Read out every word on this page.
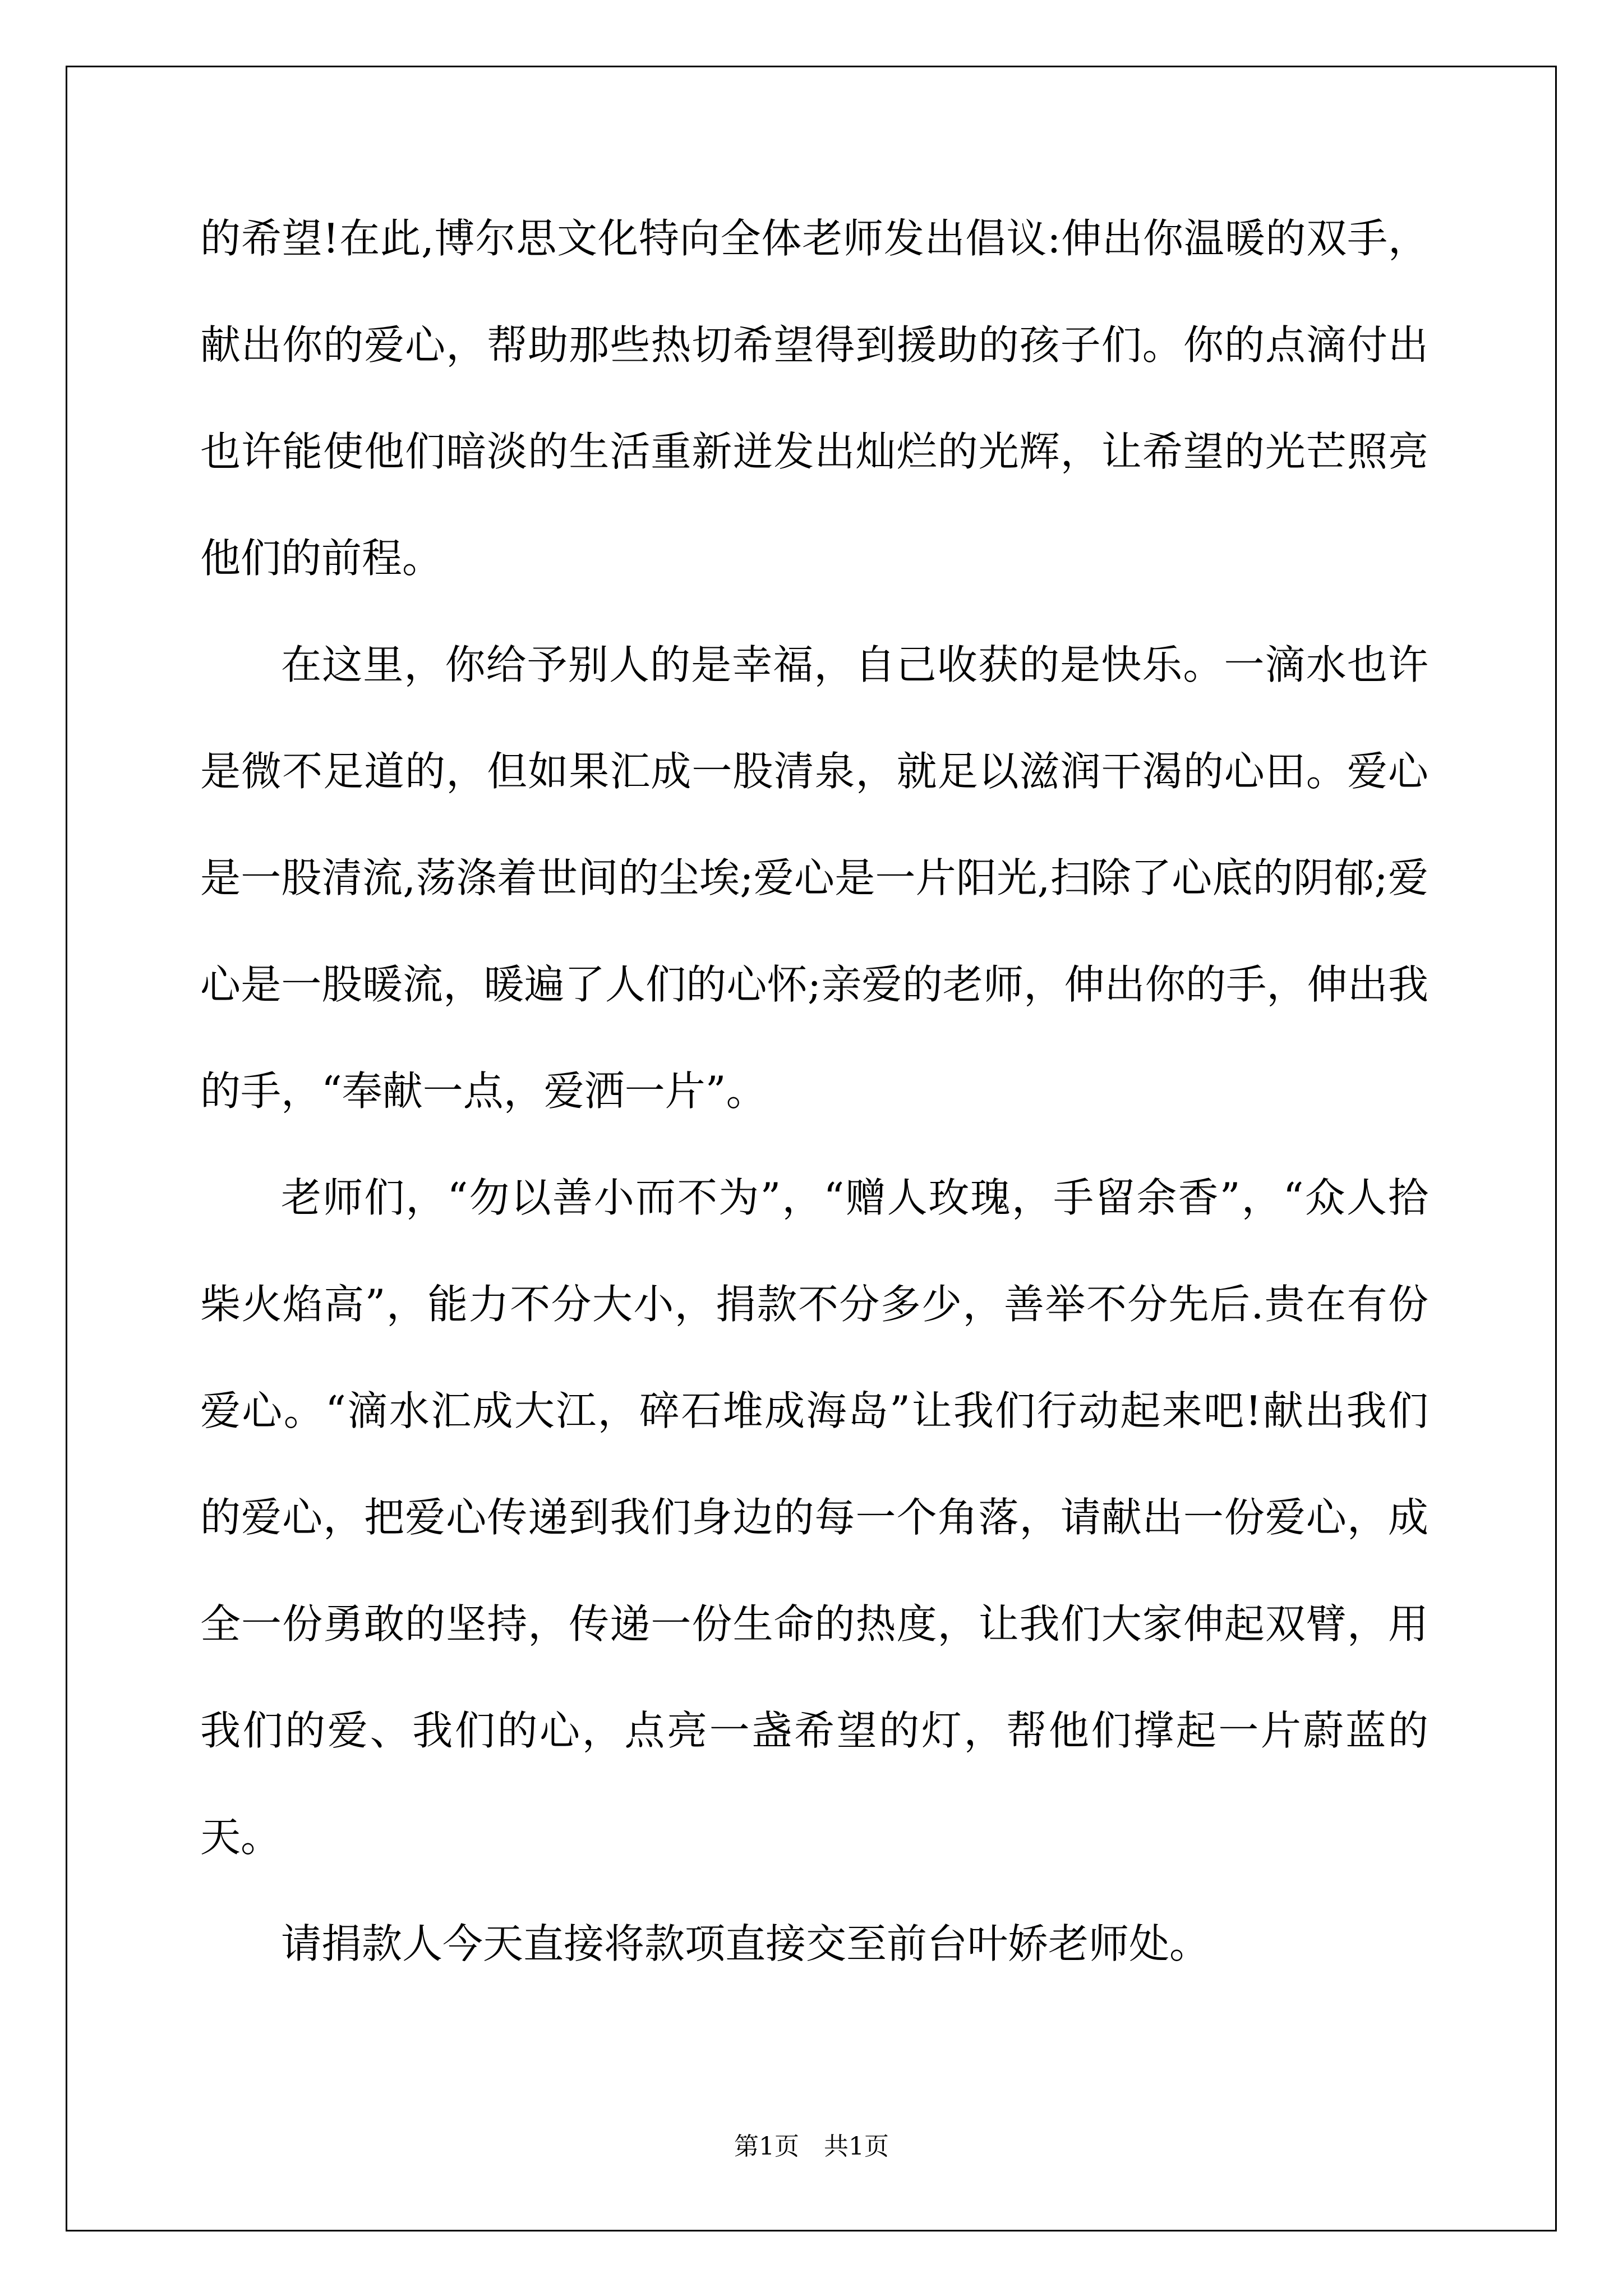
的希望!在此,博尔思文化特向全体老师发出倡议:伸出你温暖的双手，献出你的爱心，帮助那些热切希望得到援助的孩子们。你的点滴付出也许能使他们暗淡的生活重新迸发出灿烂的光辉，让希望的光芒照亮他们的前程。

在这里，你给予别人的是幸福，自己收获的是快乐。一滴水也许是微不足道的，但如果汇成一股清泉，就足以滋润干渴的心田。爱心是一股清流,荡涤着世间的尘埃;爱心是一片阳光,扫除了心底的阴郁;爱心是一股暖流，暖遍了人们的心怀;亲爱的老师，伸出你的手，伸出我的手，“奉献一点，爱洒一片”。

老师们，“勿以善小而不为”，“赠人玫瑰，手留余香”，“众人拾柴火焰高”，能力不分大小，捐款不分多少，善举不分先后.贵在有份爱心。“滴水汇成大江，碎石堆成海岛”让我们行动起来吧!献出我们的爱心，把爱心传递到我们身边的每一个角落，请献出一份爱心，成全一份勇敢的坚持，传递一份生命的热度，让我们大家伸起双臂，用我们的爱、我们的心，点亮一盏希望的灯，帮他们撑起一片蔚蓝的天。

请捐款人今天直接将款项直接交至前台叶娇老师处。

第1页　共1页
